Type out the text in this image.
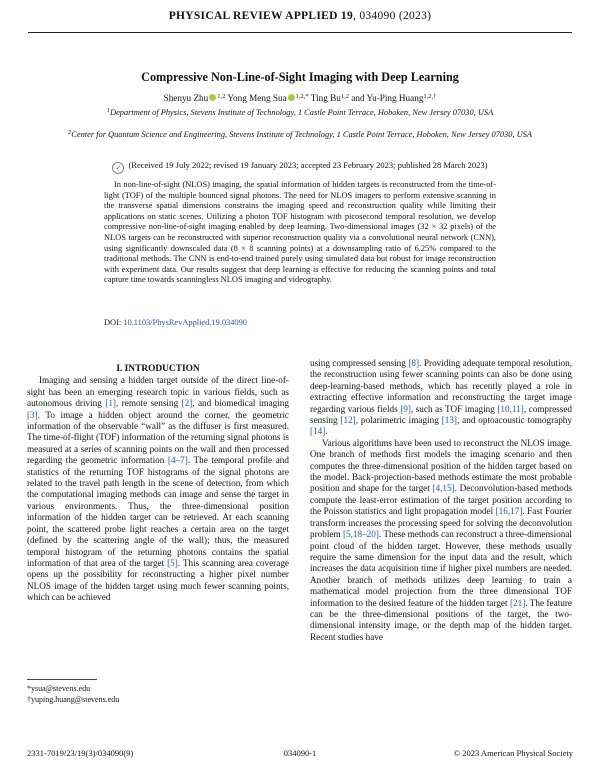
PHYSICAL REVIEW APPLIED 19, 034090 (2023)
Compressive Non-Line-of-Sight Imaging with Deep Learning
Shenyu Zhu $^{1,2}$ Yong Meng Sua $^{1,2,*}$ Ting Bu$^{1,2}$ and Yu-Ping Huang$^{1,2,\dagger}$
$^1$Department of Physics, Stevens Institute of Technology, 1 Castle Point Terrace, Hoboken, New Jersey 07030, USA
$^2$Center for Quantum Science and Engineering, Stevens Institute of Technology, 1 Castle Point Terrace, Hoboken, New Jersey 07030, USA
✓ (Received 19 July 2022; revised 19 January 2023; accepted 23 February 2023; published 28 March 2023)
In non-line-of-sight (NLOS) imaging, the spatial information of hidden targets is reconstructed from the time-of-light (TOF) of the multiple bounced signal photons. The need for NLOS imagers to perform extensive scanning in the transverse spatial dimensions constrains the imaging speed and reconstruction quality while limiting their applications on static scenes. Utilizing a photon TOF histogram with picosecond temporal resolution, we develop compressive non-line-of-sight imaging enabled by deep learning. Two-dimensional images (32 × 32 pixels) of the NLOS targets can be reconstructed with superior reconstruction quality via a convolutional neural network (CNN), using significantly downscaled data (8 × 8 scanning points) at a downsampling ratio of 6.25% compared to the traditional methods. The CNN is end-to-end trained purely using simulated data but robust for image reconstruction with experiment data. Our results suggest that deep learning is effective for reducing the scanning points and total capture time towards scanningless NLOS imaging and videography.
DOI: 10.1103/PhysRevApplied.19.034090

I. INTRODUCTION

Imaging and sensing a hidden target outside of the direct line-of-sight has been an emerging research topic in various fields, such as autonomous driving [1], remote sensing [2], and biomedical imaging [3]. To image a hidden object around the corner, the geometric information of the observable “wall” as the diffuser is first measured. The time-of-flight (TOF) information of the returning signal photons is measured at a series of scanning points on the wall and then processed regarding the geometric information [4–7]. The temporal profile and statistics of the returning TOF histograms of the signal photons are related to the travel path length in the scene of detection, from which the computational imaging methods can image and sense the target in various environments. Thus, the three-dimensional position information of the hidden target can be retrieved. At each scanning point, the scattered probe light reaches a certain area on the target (defined by the scattering angle of the wall); thus, the measured temporal histogram of the returning photons contains the spatial information of that area of the target [5]. This scanning area coverage opens up the possibility for reconstructing a higher pixel number NLOS image of the hidden target using much fewer scanning points, which can be achieved

using compressed sensing [8]. Providing adequate temporal resolution, the reconstruction using fewer scanning points can also be done using deep-learning-based methods, which has recently played a role in extracting effective information and reconstructing the target image regarding various fields [9], such as TOF imaging [10,11], compressed sensing [12], polarimetric imaging [13], and optoacoustic tomography [14].

Various algorithms have been used to reconstruct the NLOS image. One branch of methods first models the imaging scenario and then computes the three-dimensional position of the hidden target based on the model. Back-projection-based methods estimate the most probable position and shape for the target [4,15]. Deconvolution-based methods compute the least-error estimation of the target position according to the Poisson statistics and light propagation model [16,17]. Fast Fourier transform increases the processing speed for solving the deconvolution problem [5,18–20]. These methods can reconstruct a three-dimensional point cloud of the hidden target. However, these methods usually require the same dimension for the input data and the result, which increases the data acquisition time if higher pixel numbers are needed. Another branch of methods utilizes deep learning to train a mathematical model projection from the three dimensional TOF information to the desired feature of the hidden target [21]. The feature can be the three-dimensional positions of the target, the two-dimensional intensity image, or the depth map of the hidden target. Recent studies have

*ysua@stevens.edu
†yuping.huang@stevens.edu
2331-7019/23/19(3)/034090(9)	034090-1	© 2023 American Physical Society
